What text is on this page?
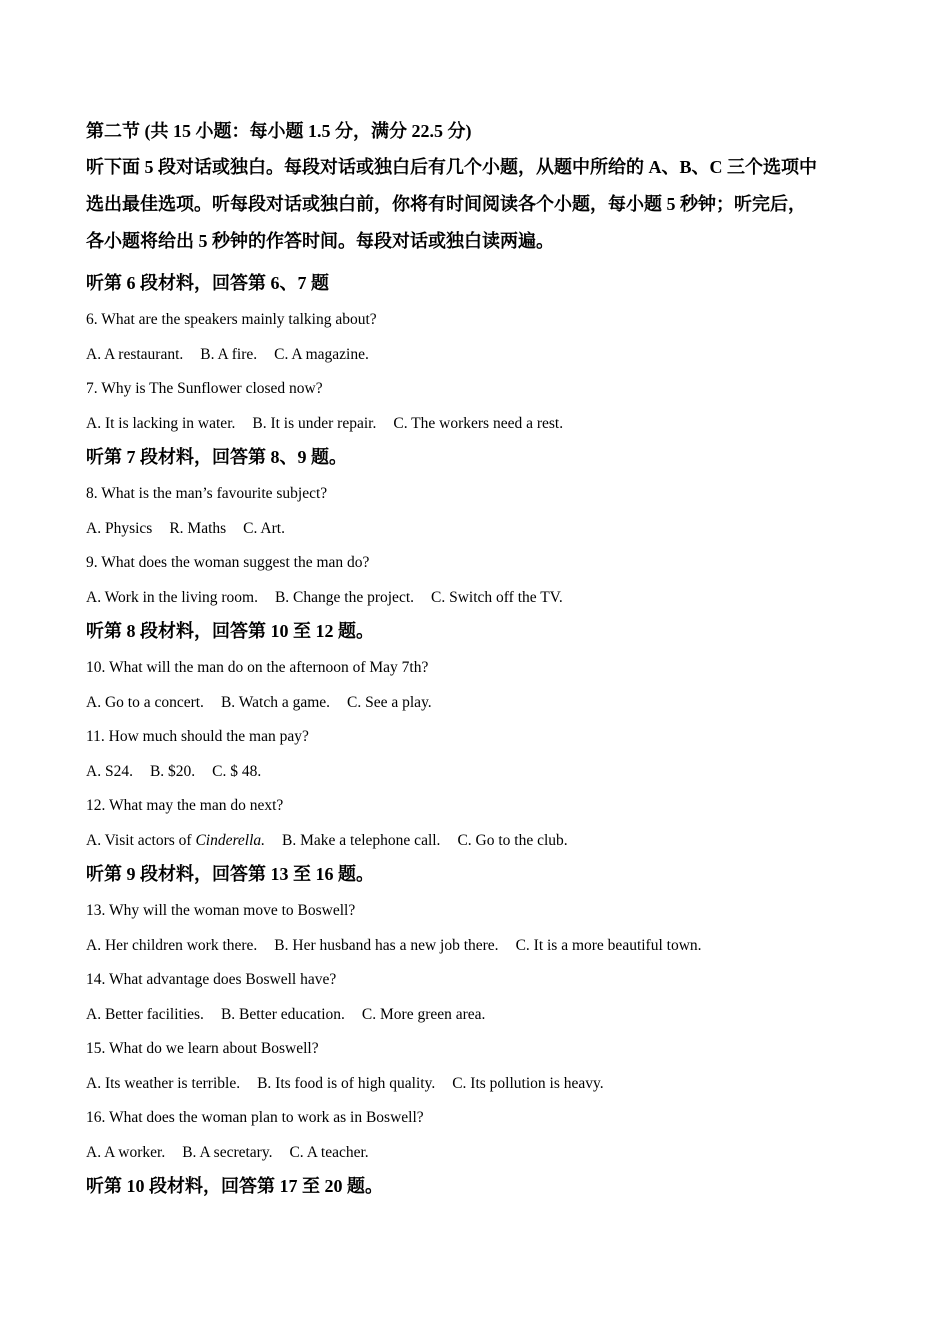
第二节 (共 15 小题：每小题 1.5 分，满分 22.5 分)

听下面 5 段对话或独白。每段对话或独白后有几个小题，从题中所给的 A、B、C 三个选项中

选出最佳选项。听每段对话或独白前，你将有时间阅读各个小题，每小题 5 秒钟；听完后，

各小题将给出 5 秒钟的作答时间。每段对话或独白读两遍。

听第 6 段材料，回答第 6、7 题

6. What are the speakers mainly talking about?

A. A restaurant. B. A fire. C. A magazine.

7. Why is The Sunflower closed now?

A. It is lacking in water. B. It is under repair. C. The workers need a rest.

听第 7 段材料，回答第 8、9 题。

8. What is the man’s favourite subject?

A. Physics R. Maths C. Art.

9. What does the woman suggest the man do?

A. Work in the living room. B. Change the project. C. Switch off the TV.

听第 8 段材料，回答第 10 至 12 题。

10. What will the man do on the afternoon of May 7th?

A. Go to a concert. B. Watch a game. C. See a play.

11. How much should the man pay?

A. S24. B. $20. C. $ 48.

12. What may the man do next?

A. Visit actors of Cinderella. B. Make a telephone call. C. Go to the club.

听第 9 段材料，回答第 13 至 16 题。

13. Why will the woman move to Boswell?

A. Her children work there. B. Her husband has a new job there. C. It is a more beautiful town.

14. What advantage does Boswell have?

A. Better facilities. B. Better education. C. More green area.

15. What do we learn about Boswell?

A. Its weather is terrible. B. Its food is of high quality. C. Its pollution is heavy.

16. What does the woman plan to work as in Boswell?

A. A worker. B. A secretary. C. A teacher.

听第 10 段材料，回答第 17 至 20 题。
